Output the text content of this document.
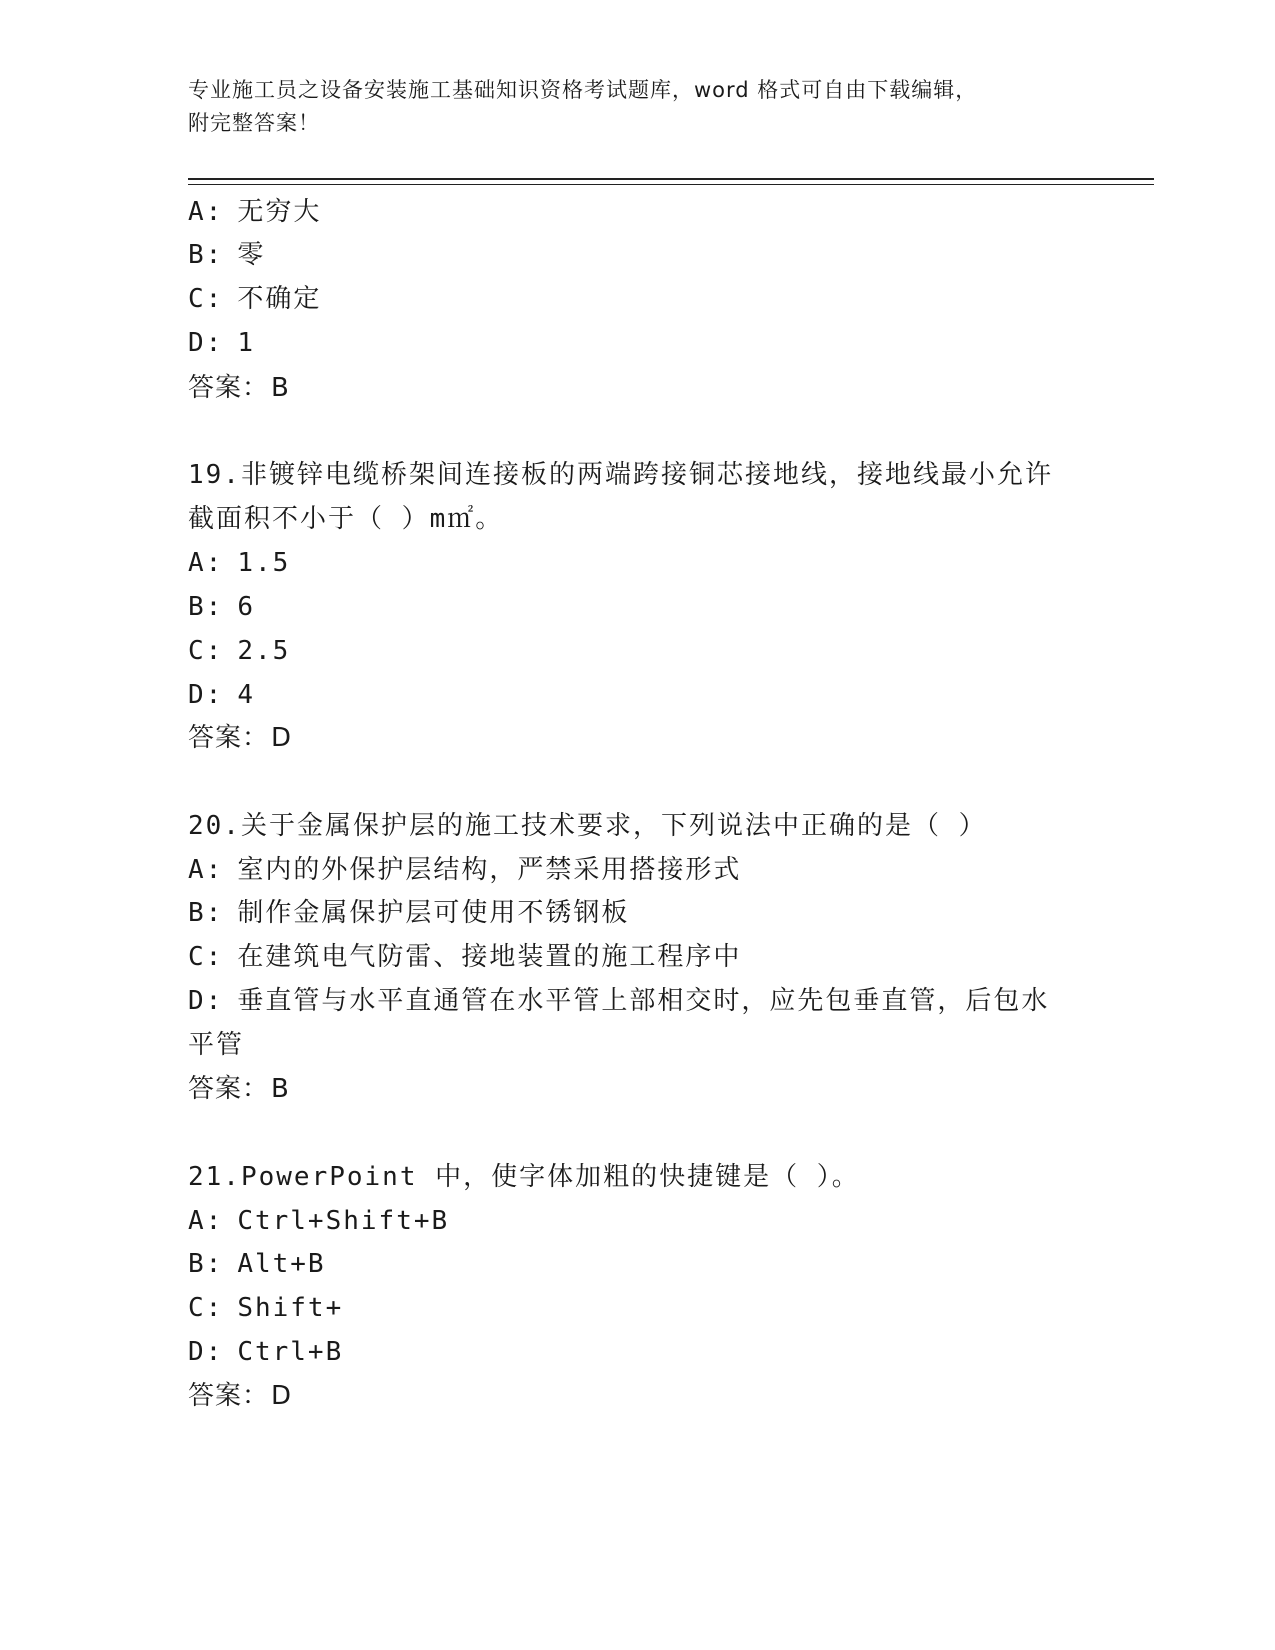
专业施工员之设备安装施工基础知识资格考试题库，word 格式可自由下载编辑，
附完整答案！
A: 无穷大
B: 零
C: 不确定
D: 1
答案：B
19.非镀锌电缆桥架间连接板的两端跨接铜芯接地线，接地线最小允许
截面积不小于（ ）m㎡。
A: 1.5
B: 6
C: 2.5
D: 4
答案：D
20.关于金属保护层的施工技术要求，下列说法中正确的是（ ）
A: 室内的外保护层结构，严禁采用搭接形式
B: 制作金属保护层可使用不锈钢板
C: 在建筑电气防雷、接地装置的施工程序中
D: 垂直管与水平直通管在水平管上部相交时，应先包垂直管，后包水
平管
答案：B
21.PowerPoint 中，使字体加粗的快捷键是（ ）。
A: Ctrl+Shift+B
B: Alt+B
C: Shift+
D: Ctrl+B
答案：D
